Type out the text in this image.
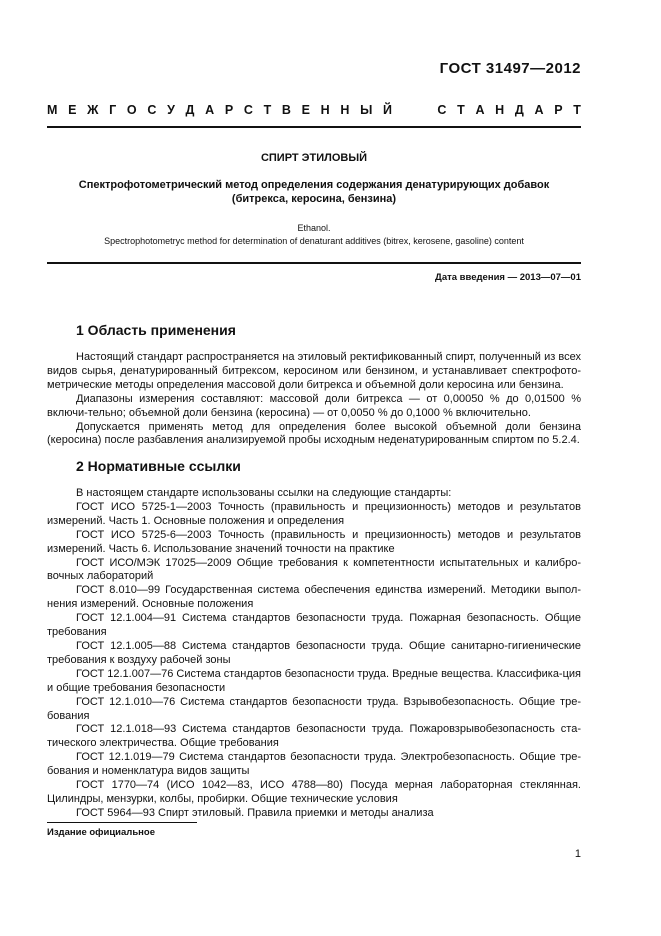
ГОСТ 31497—2012
М Е Ж Г О С У Д А Р С Т В Е Н Н Ы Й	С Т А Н Д А Р Т
СПИРТ ЭТИЛОВЫЙ
Спектрофотометрический метод определения содержания денатурирующих добавок
(битрекса, керосина, бензина)
Ethanol.
Spectrophotometryc method for determination of denaturant additives (bitrex, kerosene, gasoline) content
Дата введения — 2013—07—01
1 Область применения

Настоящий стандарт распространяется на этиловый ректификованный спирт, полученный из всех видов сырья, денатурированный битрексом, керосином или бензином, и устанавливает спектрофото-метрические методы определения массовой доли битрекса и объемной доли керосина или бензина.

Диапазоны измерения составляют: массовой доли битрекса — от 0,00050 % до 0,01500 % включи-тельно; объемной доли бензина (керосина) — от 0,0050 % до 0,1000 % включительно.

Допускается применять метод для определения более высокой объемной доли бензина (керосина) после разбавления анализируемой пробы исходным неденатурированным спиртом по 5.2.4.

2 Нормативные ссылки

В настоящем стандарте использованы ссылки на следующие стандарты:

ГОСТ ИСО 5725-1—2003 Точность (правильность и прецизионность) методов и результатов измерений. Часть 1. Основные положения и определения

ГОСТ ИСО 5725-6—2003 Точность (правильность и прецизионность) методов и результатов измерений. Часть 6. Использование значений точности на практике

ГОСТ ИСО/МЭК 17025—2009 Общие требования к компетентности испытательных и калибро-вочных лабораторий

ГОСТ 8.010—99 Государственная система обеспечения единства измерений. Методики выпол-нения измерений. Основные положения

ГОСТ 12.1.004—91 Система стандартов безопасности труда. Пожарная безопасность. Общие требования

ГОСТ 12.1.005—88 Система стандартов безопасности труда. Общие санитарно-гигиенические требования к воздуху рабочей зоны

ГОСТ 12.1.007—76 Система стандартов безопасности труда. Вредные вещества. Классифика-ция и общие требования безопасности

ГОСТ 12.1.010—76 Система стандартов безопасности труда. Взрывобезопасность. Общие тре-бования

ГОСТ 12.1.018—93 Система стандартов безопасности труда. Пожаровзрывобезопасность ста-тического электричества. Общие требования

ГОСТ 12.1.019—79 Система стандартов безопасности труда. Электробезопасность. Общие тре-бования и номенклатура видов защиты

ГОСТ 1770—74 (ИСО 1042—83, ИСО 4788—80) Посуда мерная лабораторная стеклянная. Цилиндры, мензурки, колбы, пробирки. Общие технические условия

ГОСТ 5964—93 Спирт этиловый. Правила приемки и методы анализа

Издание официальное
1
